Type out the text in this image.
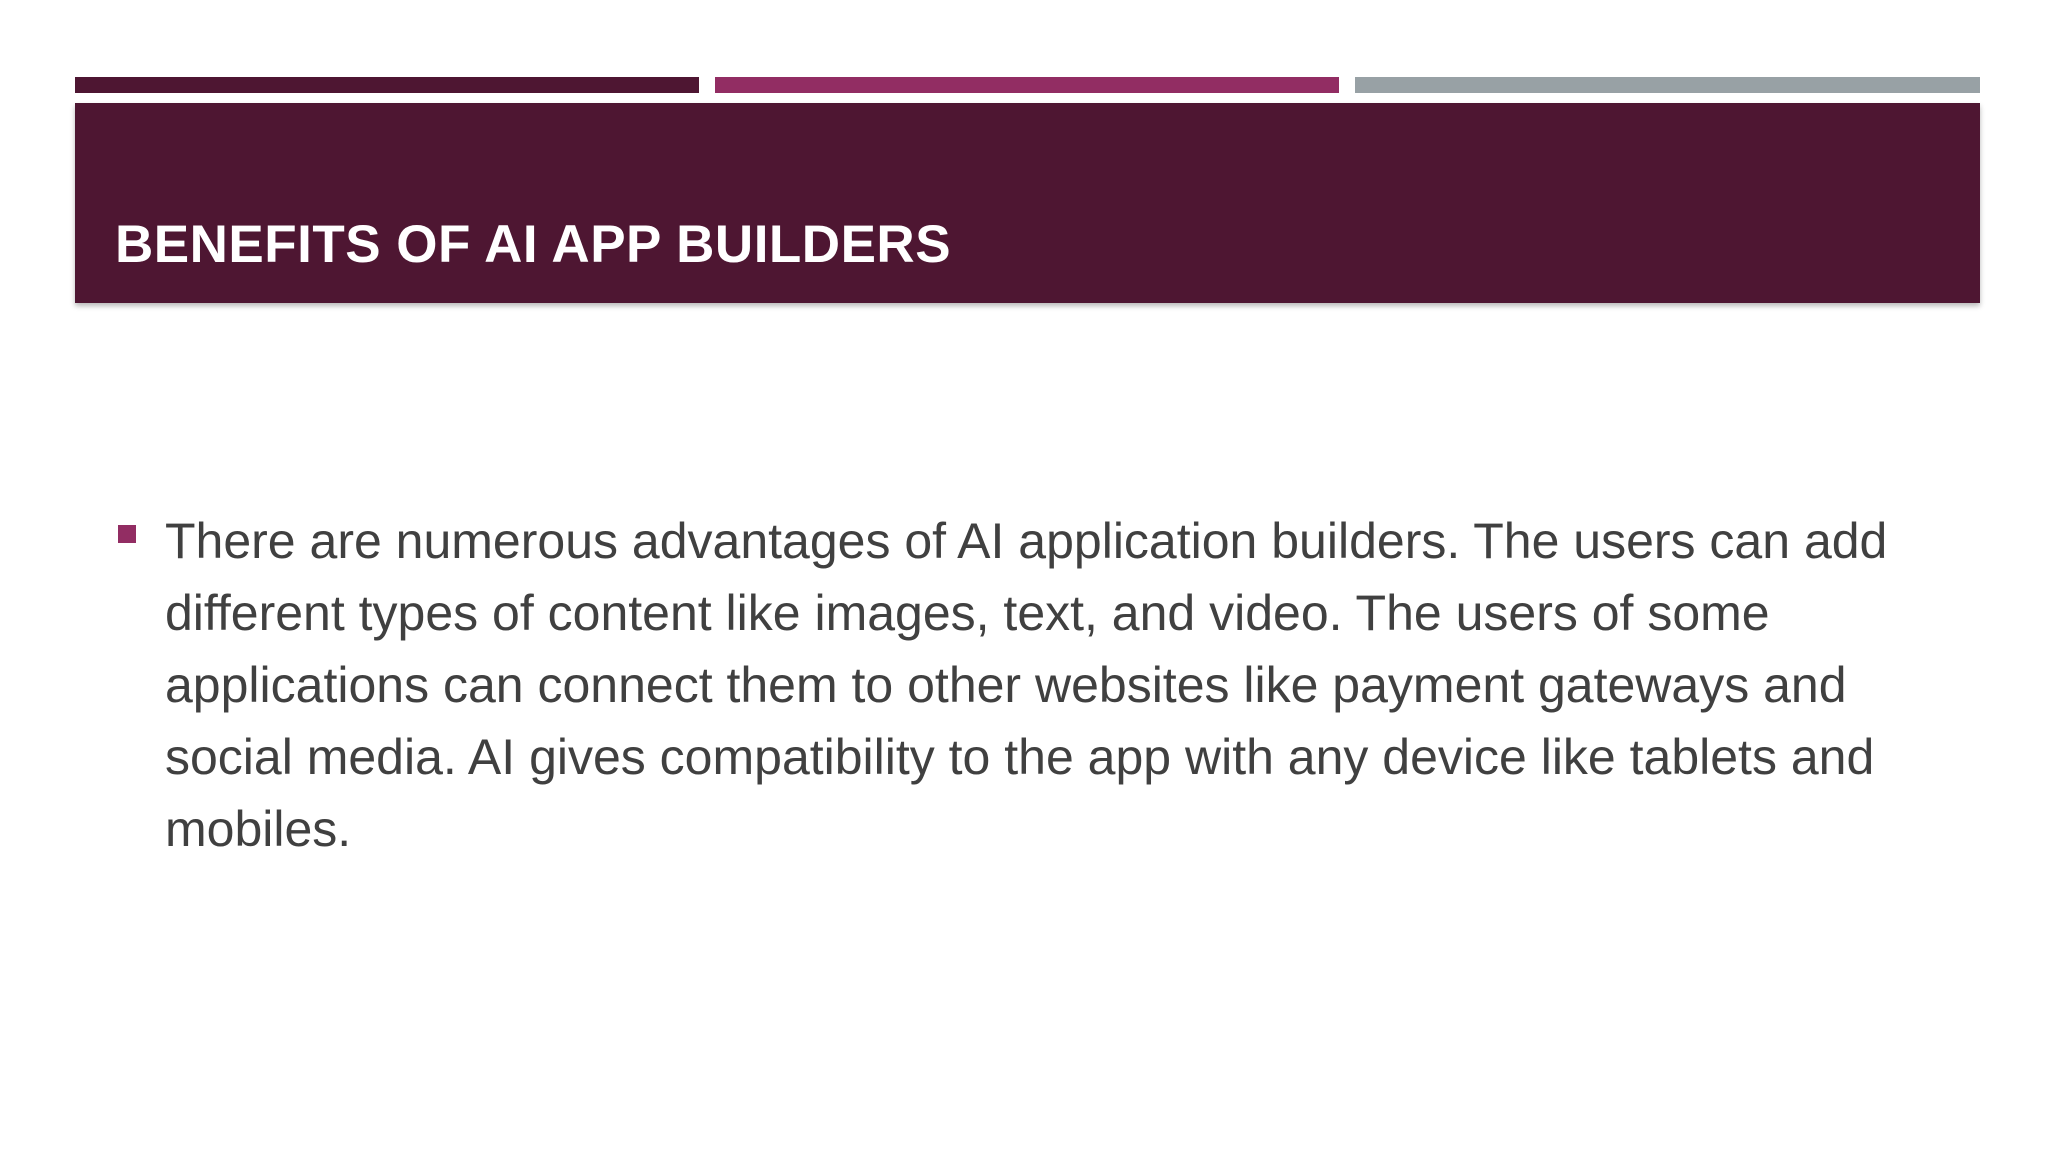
BENEFITS OF AI APP BUILDERS

There are numerous advantages of AI application builders. The users can add different types of content like images, text, and video. The users of some applications can connect them to other websites like payment gateways and social media. AI gives compatibility to the app with any device like tablets and mobiles.
